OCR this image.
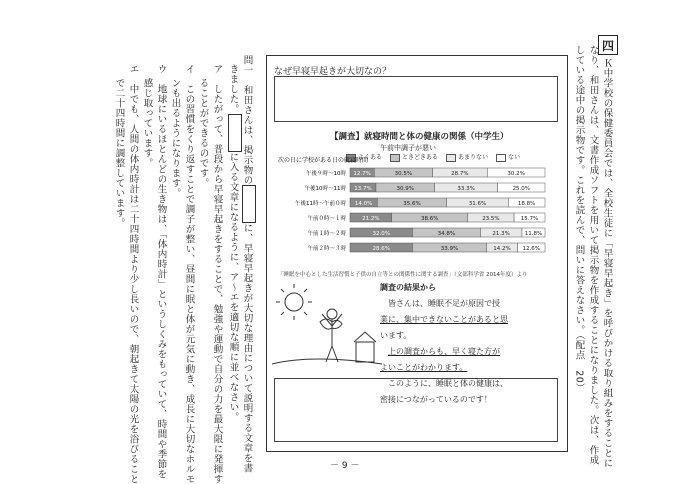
四
Ｋ中学校の保健委員会では、全校生徒に「早寝早起き」を呼びかける取り組みをすることに
なり、和田さんは、文書作成ソフトを用いて掲示物を作成することになりました。次は、作成
している途中の掲示物です。これを読んで、問いに答えなさい。（配点　20）
なぜ早寝早起きが大切なの？
【調査】就寝時間と体の健康の関係（中学生）
午前中調子が悪い
よくある	ときどきある	あまりない	ない
次の日に学校がある日の就寝時間
午後９時〜10時 12.7%	30.5%	28.7%	30.2%
午後10時〜11時 13.7%	30.9%	33.3%	25.0%
午後11時〜午前０時 14.0%	35.6%	31.6%	18.8%
午前０時〜１時	21.2%	38.6%	23.5%	15.7%
午前１時〜２時	32.0%	34.8%	21.3%	11.8%
午前２時〜３時	28.6%	33.9%	14.2% 12.6%
「睡眠を中心とした生活習慣と子供の自立等との関係性に関する調査」（文部科学省 2014年度）より
調査の結果から

皆さんは、睡眠不足が原因で授

業に、集中できないことがあると思

います。

上の調査からも、早く寝た方が

よいことがわかります。

このように、睡眠と体の健康は、

密接につながっているのです！

問一　和田さんは、掲示物のに、早寝早起きが大切な理由について説明する文章を書
きました。に入る文章になるように、ア〜エを適切な順に並べなさい。
ア　したがって、普段から早寝早起きをすることで、勉強や運動で自分の力を最大限に発揮す
ることができるのです。
イ　この習慣をくり返すことで調子が整い、昼間に眠と体が元気に動き、成長に大切なホルモ
ンも出るようになります。
ウ　地球にいるほとんどの生き物は、「体内時計」というしくみをもっていて、時間や季節を
感じ取っています。
エ　中でも、人間の体内時計は二十四時間より少し長いので、朝起きて太陽の光を浴びること
で二十四時間に調整しています。
－ 9 －
